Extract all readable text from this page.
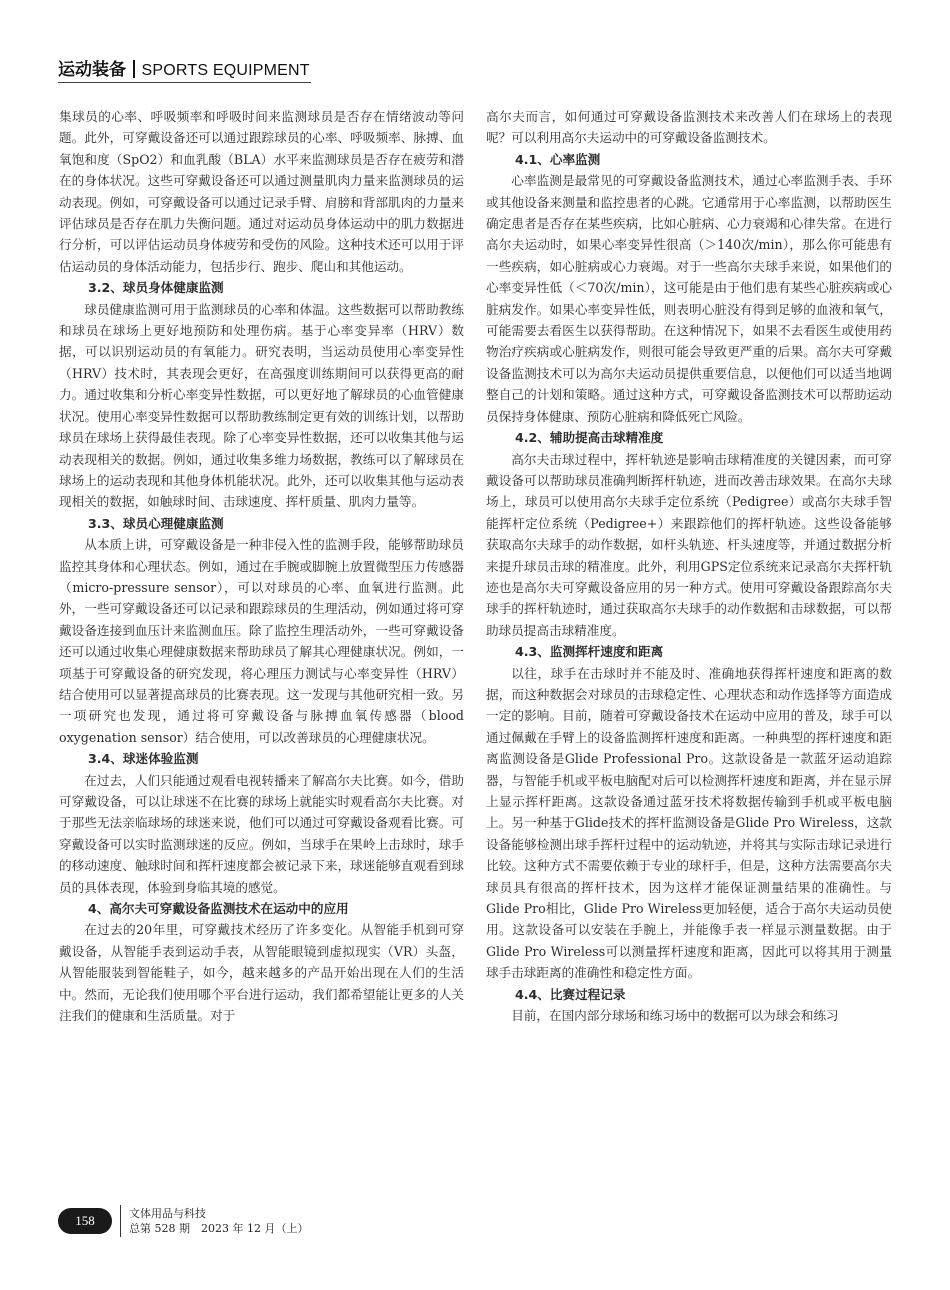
运动装备 SPORTS EQUIPMENT
集球员的心率、呼吸频率和呼吸时间来监测球员是否存在情绪波动等问题。此外，可穿戴设备还可以通过跟踪球员的心率、呼吸频率、脉搏、血氧饱和度（SpO2）和血乳酸（BLA）水平来监测球员是否存在疲劳和潜在的身体状况。这些可穿戴设备还可以通过测量肌肉力量来监测球员的运动表现。例如，可穿戴设备可以通过记录手臂、肩膀和背部肌肉的力量来评估球员是否存在肌力失衡问题。通过对运动员身体运动中的肌力数据进行分析，可以评估运动员身体疲劳和受伤的风险。这种技术还可以用于评估运动员的身体活动能力，包括步行、跑步、爬山和其他运动。
3.2、球员身体健康监测
球员健康监测可用于监测球员的心率和体温。这些数据可以帮助教练和球员在球场上更好地预防和处理伤病。基于心率变异率（HRV）数据，可以识别运动员的有氧能力。研究表明，当运动员使用心率变异性（HRV）技术时，其表现会更好，在高强度训练期间可以获得更高的耐力。通过收集和分析心率变异性数据，可以更好地了解球员的心血管健康状况。使用心率变异性数据可以帮助教练制定更有效的训练计划，以帮助球员在球场上获得最佳表现。除了心率变异性数据，还可以收集其他与运动表现相关的数据。例如，通过收集多维力场数据，教练可以了解球员在球场上的运动表现和其他身体机能状况。此外，还可以收集其他与运动表现相关的数据，如触球时间、击球速度、挥杆质量、肌肉力量等。
3.3、球员心理健康监测
从本质上讲，可穿戴设备是一种非侵入性的监测手段，能够帮助球员监控其身体和心理状态。例如，通过在手腕或脚腕上放置微型压力传感器（micro-pressure sensor），可以对球员的心率、血氧进行监测。此外，一些可穿戴设备还可以记录和跟踪球员的生理活动，例如通过将可穿戴设备连接到血压计来监测血压。除了监控生理活动外，一些可穿戴设备还可以通过收集心理健康数据来帮助球员了解其心理健康状况。例如，一项基于可穿戴设备的研究发现，将心理压力测试与心率变异性（HRV）结合使用可以显著提高球员的比赛表现。这一发现与其他研究相一致。另一项研究也发现，通过将可穿戴设备与脉搏血氧传感器（blood oxygenation sensor）结合使用，可以改善球员的心理健康状况。
3.4、球迷体验监测
在过去，人们只能通过观看电视转播来了解高尔夫比赛。如今，借助可穿戴设备，可以让球迷不在比赛的球场上就能实时观看高尔夫比赛。对于那些无法亲临球场的球迷来说，他们可以通过可穿戴设备观看比赛。可穿戴设备可以实时监测球迷的反应。例如，当球手在果岭上击球时，球手的移动速度、触球时间和挥杆速度都会被记录下来，球迷能够直观看到球员的具体表现，体验到身临其境的感觉。
4、高尔夫可穿戴设备监测技术在运动中的应用
在过去的20年里，可穿戴技术经历了许多变化。从智能手机到可穿戴设备，从智能手表到运动手表，从智能眼镜到虚拟现实（VR）头盔，从智能服装到智能鞋子，如今，越来越多的产品开始出现在人们的生活中。然而，无论我们使用哪个平台进行运动，我们都希望能让更多的人关注我们的健康和生活质量。对于
高尔夫而言，如何通过可穿戴设备监测技术来改善人们在球场上的表现呢？可以利用高尔夫运动中的可穿戴设备监测技术。
4.1、心率监测
心率监测是最常见的可穿戴设备监测技术，通过心率监测手表、手环或其他设备来测量和监控患者的心跳。它通常用于心率监测，以帮助医生确定患者是否存在某些疾病，比如心脏病、心力衰竭和心律失常。在进行高尔夫运动时，如果心率变异性很高（＞140次/min），那么你可能患有一些疾病，如心脏病或心力衰竭。对于一些高尔夫球手来说，如果他们的心率变异性低（＜70次/min），这可能是由于他们患有某些心脏疾病或心脏病发作。如果心率变异性低，则表明心脏没有得到足够的血液和氧气，可能需要去看医生以获得帮助。在这种情况下，如果不去看医生或使用药物治疗疾病或心脏病发作，则很可能会导致更严重的后果。高尔夫可穿戴设备监测技术可以为高尔夫运动员提供重要信息，以便他们可以适当地调整自己的计划和策略。通过这种方式，可穿戴设备监测技术可以帮助运动员保持身体健康、预防心脏病和降低死亡风险。
4.2、辅助提高击球精准度
高尔夫击球过程中，挥杆轨迹是影响击球精准度的关键因素，而可穿戴设备可以帮助球员准确判断挥杆轨迹，进而改善击球效果。在高尔夫球场上，球员可以使用高尔夫球手定位系统（Pedigree）或高尔夫球手智能挥杆定位系统（Pedigree+）来跟踪他们的挥杆轨迹。这些设备能够获取高尔夫球手的动作数据，如杆头轨迹、杆头速度等，并通过数据分析来提升球员击球的精准度。此外，利用GPS定位系统来记录高尔夫挥杆轨迹也是高尔夫可穿戴设备应用的另一种方式。使用可穿戴设备跟踪高尔夫球手的挥杆轨迹时，通过获取高尔夫球手的动作数据和击球数据，可以帮助球员提高击球精准度。
4.3、监测挥杆速度和距离
以往，球手在击球时并不能及时、准确地获得挥杆速度和距离的数据，而这种数据会对球员的击球稳定性、心理状态和动作选择等方面造成一定的影响。目前，随着可穿戴设备技术在运动中应用的普及，球手可以通过佩戴在手臂上的设备监测挥杆速度和距离。一种典型的挥杆速度和距离监测设备是Glide Professional Pro。这款设备是一款蓝牙运动追踪器，与智能手机或平板电脑配对后可以检测挥杆速度和距离，并在显示屏上显示挥杆距离。这款设备通过蓝牙技术将数据传输到手机或平板电脑上。另一种基于Glide技术的挥杆监测设备是Glide Pro Wireless，这款设备能够检测出球手挥杆过程中的运动轨迹，并将其与实际击球记录进行比较。这种方式不需要依赖于专业的球杆手，但是，这种方法需要高尔夫球员具有很高的挥杆技术，因为这样才能保证测量结果的准确性。与Glide Pro相比，Glide Pro Wireless更加轻便，适合于高尔夫运动员使用。这款设备可以安装在手腕上，并能像手表一样显示测量数据。由于Glide Pro Wireless可以测量挥杆速度和距离，因此可以将其用于测量球手击球距离的准确性和稳定性方面。
4.4、比赛过程记录
目前，在国内部分球场和练习场中的数据可以为球会和练习
158	文体用品与科技
总第 528 期　2023 年 12 月（上）
